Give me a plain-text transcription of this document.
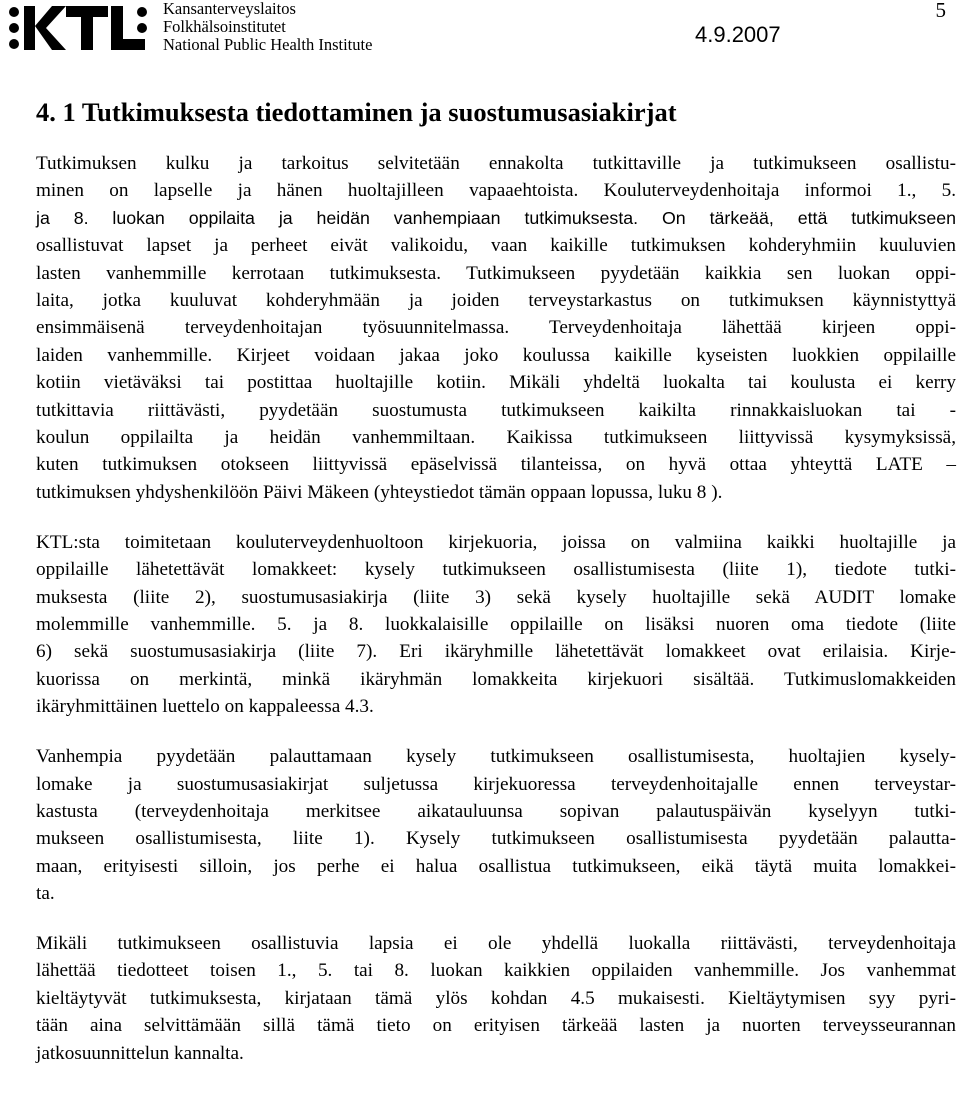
Kansanterveyslaitos
Folkhälsoinstitutet
National Public Health Institute	4.9.2007
5
4. 1 Tutkimuksesta tiedottaminen ja suostumusasiakirjat
Tutkimuksen kulku ja tarkoitus selvitetään ennakolta tutkittaville ja tutkimukseen osallistu-
minen on lapselle ja hänen huoltajilleen vapaaehtoista. Kouluterveydenhoitaja informoi 1., 5.
ja 8. luokan oppilaita ja heidän vanhempiaan tutkimuksesta. On tärkeää, että tutkimukseen
osallistuvat lapset ja perheet eivät valikoidu, vaan kaikille tutkimuksen kohderyhmiin kuuluvien
lasten vanhemmille kerrotaan tutkimuksesta. Tutkimukseen pyydetään kaikkia sen luokan oppi-
laita, jotka kuuluvat kohderyhmään ja joiden terveystarkastus on tutkimuksen käynnistyttyä
ensimmäisenä terveydenhoitajan työsuunnitelmassa. Terveydenhoitaja lähettää kirjeen oppi-
laiden vanhemmille. Kirjeet voidaan jakaa joko koulussa kaikille kyseisten luokkien oppilaille
kotiin vietäväksi tai postittaa huoltajille kotiin. Mikäli yhdeltä luokalta tai koulusta ei kerry
tutkittavia riittävästi, pyydetään suostumusta tutkimukseen kaikilta rinnakkaisluokan tai -
koulun oppilailta ja heidän vanhemmiltaan. Kaikissa tutkimukseen liittyvissä kysymyksissä,
kuten tutkimuksen otokseen liittyvissä epäselvissä tilanteissa, on hyvä ottaa yhteyttä LATE –
tutkimuksen yhdyshenkilöön Päivi Mäkeen (yhteystiedot tämän oppaan lopussa, luku 8 ).
KTL:sta toimitetaan kouluterveydenhuoltoon kirjekuoria, joissa on valmiina kaikki huoltajille ja
oppilaille lähetettävät lomakkeet: kysely tutkimukseen osallistumisesta (liite 1), tiedote tutki-
muksesta (liite 2), suostumusasiakirja (liite 3) sekä kysely huoltajille sekä AUDIT lomake
molemmille vanhemmille. 5. ja 8. luokkalaisille oppilaille on lisäksi nuoren oma tiedote (liite
6) sekä suostumusasiakirja (liite 7). Eri ikäryhmille lähetettävät lomakkeet ovat erilaisia. Kirje-
kuorissa on merkintä, minkä ikäryhmän lomakkeita kirjekuori sisältää. Tutkimuslomakkeiden
ikäryhmittäinen luettelo on kappaleessa 4.3.
Vanhempia pyydetään palauttamaan kysely tutkimukseen osallistumisesta, huoltajien kysely-
lomake ja suostumusasiakirjat suljetussa kirjekuoressa terveydenhoitajalle ennen terveystar-
kastusta (terveydenhoitaja merkitsee aikatauluunsa sopivan palautuspäivän kyselyyn tutki-
mukseen osallistumisesta, liite 1). Kysely tutkimukseen osallistumisesta pyydetään palautta-
maan, erityisesti silloin, jos perhe ei halua osallistua tutkimukseen, eikä täytä muita lomakkei-
ta.
Mikäli tutkimukseen osallistuvia lapsia ei ole yhdellä luokalla riittävästi, terveydenhoitaja
lähettää tiedotteet toisen 1., 5. tai 8. luokan kaikkien oppilaiden vanhemmille. Jos vanhemmat
kieltäytyvät tutkimuksesta, kirjataan tämä ylös kohdan 4.5 mukaisesti. Kieltäytymisen syy pyri-
tään aina selvittämään sillä tämä tieto on erityisen tärkeää lasten ja nuorten terveysseurannan
jatkosuunnittelun kannalta.
